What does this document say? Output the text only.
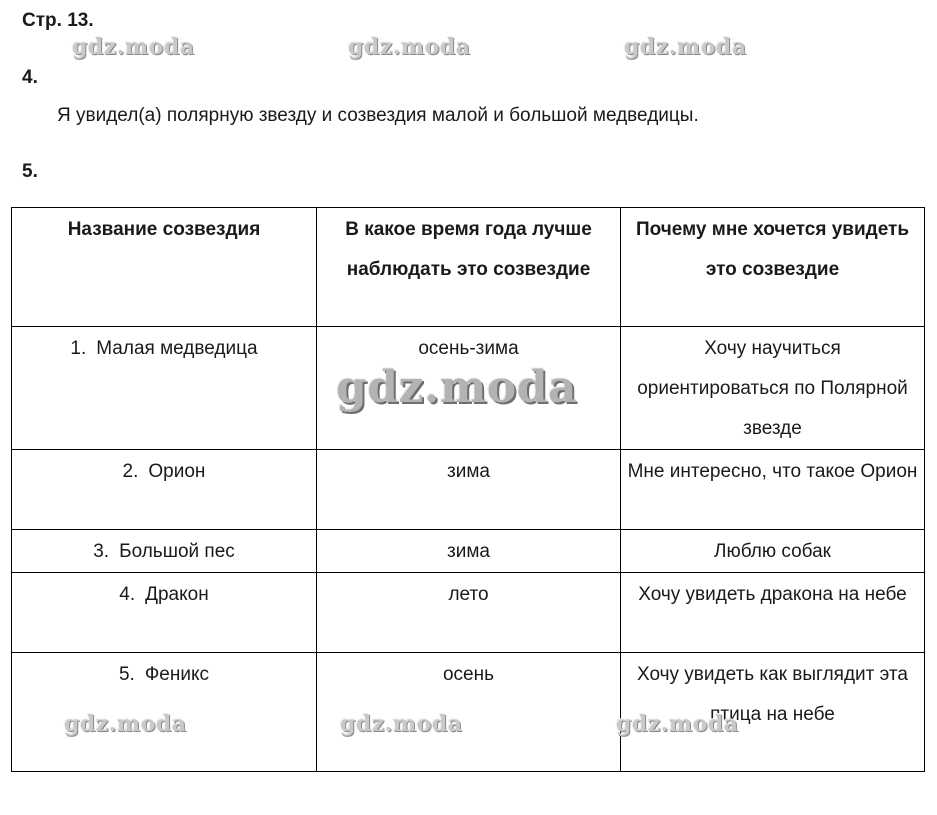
Стр. 13.
4.
Я увидел(а) полярную звезду и созвездия малой и большой медведицы.
5.
Название созвездия	В какое время года лучше наблюдать это созвездие	Почему мне хочется увидеть это созвездие
1. Малая медведица	осень-зима	Хочу научиться ориентироваться по Полярной звезде
2. Орион	зима	Мне интересно, что такое Орион
3. Большой пес	зима	Люблю собак
4. Дракон	лето	Хочу увидеть дракона на небе
5. Феникс	осень	Хочу увидеть как выглядит эта птица на небе
gdz.moda	gdz.moda	gdz.moda
gdz.moda
gdz.moda	gdz.moda	gdz.moda
